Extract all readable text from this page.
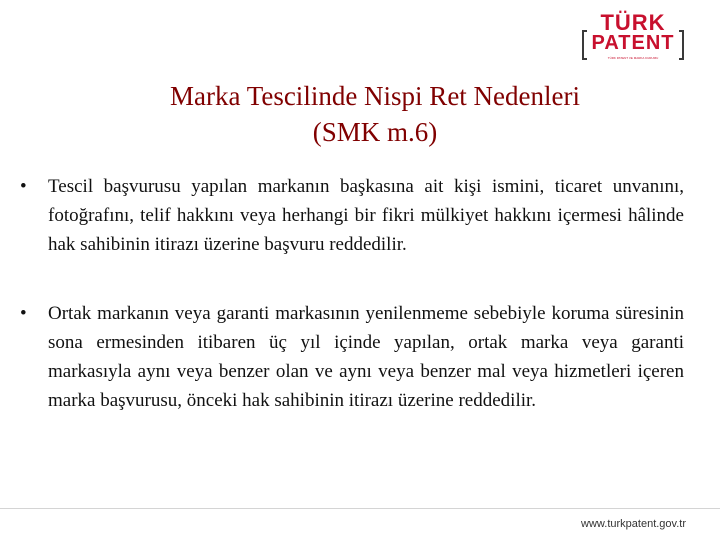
TÜRK
PATENT
TÜRK PATENT VE MARKA KURUMU
Marka Tescilinde Nispi Ret Nedenleri
(SMK m.6)
•	Tescil başvurusu yapılan markanın başkasına ait kişi ismini, ticaret unvanını, fotoğrafını, telif hakkını veya herhangi bir fikri mülkiyet hakkını içermesi hâlinde hak sahibinin itirazı üzerine başvuru reddedilir.
•	Ortak markanın veya garanti markasının yenilenmeme sebebiyle koruma süresinin sona ermesinden itibaren üç yıl içinde yapılan, ortak marka veya garanti markasıyla aynı veya benzer olan ve aynı veya benzer mal veya hizmetleri içeren marka başvurusu, önceki hak sahibinin itirazı üzerine reddedilir.
www.turkpatent.gov.tr
